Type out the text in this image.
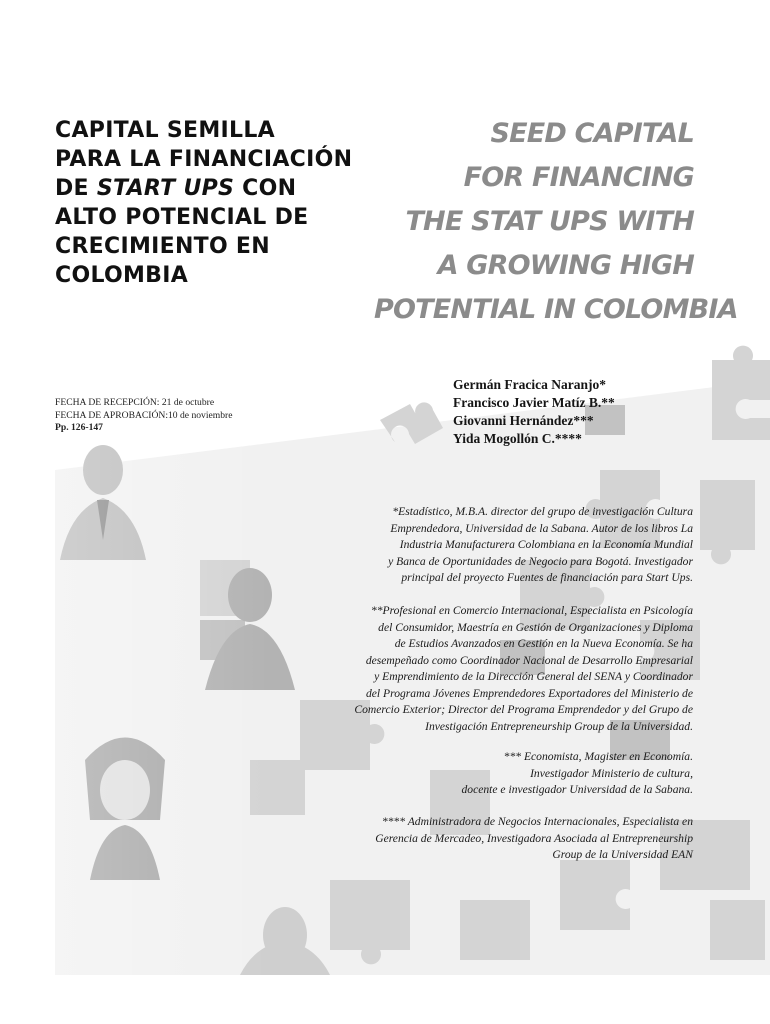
CAPITAL SEMILLA
PARA LA FINANCIACIÓN
DE START UPS CON
ALTO POTENCIAL DE
CRECIMIENTO EN
COLOMBIA
SEED CAPITAL
FOR FINANCING
THE STAT UPS WITH
A GROWING HIGH
POTENTIAL IN COLOMBIA
FECHA DE RECEPCIÓN: 21 de octubre
FECHA DE APROBACIÓN:10 de noviembre
Pp. 126-147
Germán Fracica Naranjo*
Francisco Javier Matíz B.**
Giovanni Hernández***
Yida Mogollón C.****
*Estadístico, M.B.A. director del grupo de investigación Cultura
Emprendedora, Universidad de la Sabana. Autor de los libros La
Industria Manufacturera Colombiana en la Economía Mundial
y Banca de Oportunidades de Negocio para Bogotá. Investigador
principal del proyecto Fuentes de financiación para Start Ups.
**Profesional en Comercio Internacional, Especialista en Psicología
del Consumidor, Maestría en Gestión de Organizaciones y Diploma
de Estudios Avanzados en Gestión en la Nueva Economía. Se ha
desempeñado como Coordinador Nacional de Desarrollo Empresarial
y Emprendimiento de la Dirección General del SENA y Coordinador
del Programa Jóvenes Emprendedores Exportadores del Ministerio de
Comercio Exterior; Director del Programa Emprendedor y del Grupo de
Investigación Entrepreneurship Group de la Universidad.
*** Economista, Magister en Economía.
Investigador Ministerio de cultura,
docente e investigador Universidad de la Sabana.
**** Administradora de Negocios Internacionales, Especialista en
Gerencia de Mercadeo, Investigadora Asociada al Entrepreneurship
Group de la Universidad EAN
